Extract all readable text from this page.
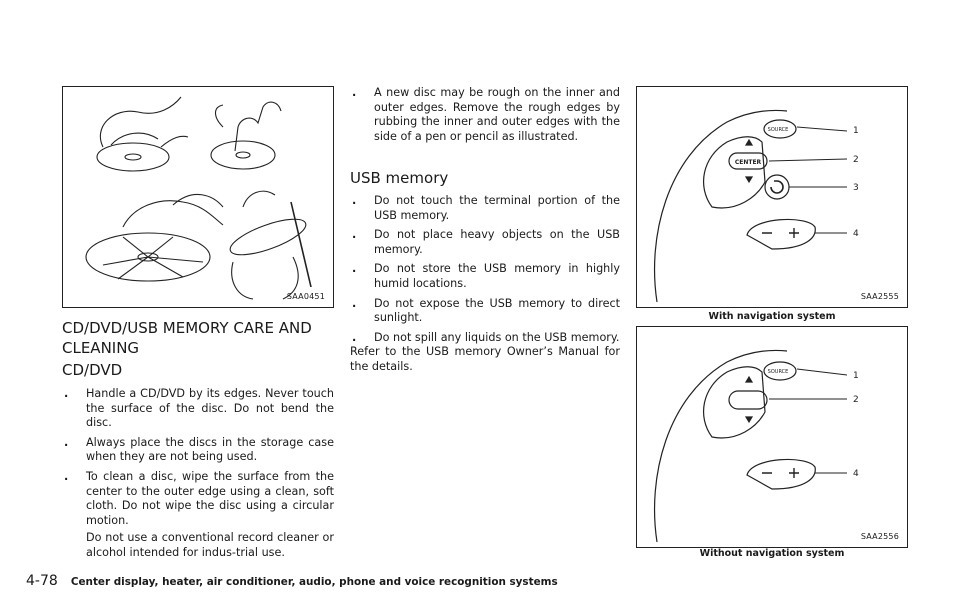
SAA0451
CD/DVD/USB MEMORY CARE AND CLEANING
CD/DVD
. Handle a CD/DVD by its edges. Never touch the surface of the disc. Do not bend the disc.
. Always place the discs in the storage case when they are not being used.
. To clean a disc, wipe the surface from the center to the outer edge using a clean, soft cloth. Do not wipe the disc using a circular motion.

Do not use a conventional record cleaner or alcohol intended for indus-trial use.

. A new disc may be rough on the inner and outer edges. Remove the rough edges by rubbing the inner and outer edges with the side of a pen or pencil as illustrated.
USB memory
. Do not touch the terminal portion of the USB memory.
. Do not place heavy objects on the USB memory.
. Do not store the USB memory in highly humid locations.
. Do not expose the USB memory to direct sunlight.
. Do not spill any liquids on the USB memory.

Refer to the USB memory Owner’s Manual for the details.

SOURCE
CENTER
1
2
3
4
SAA2555
With navigation system
SOURCE	1
2
4
SAA2556
Without navigation system
4-78 Center display, heater, air conditioner, audio, phone and voice recognition systems
